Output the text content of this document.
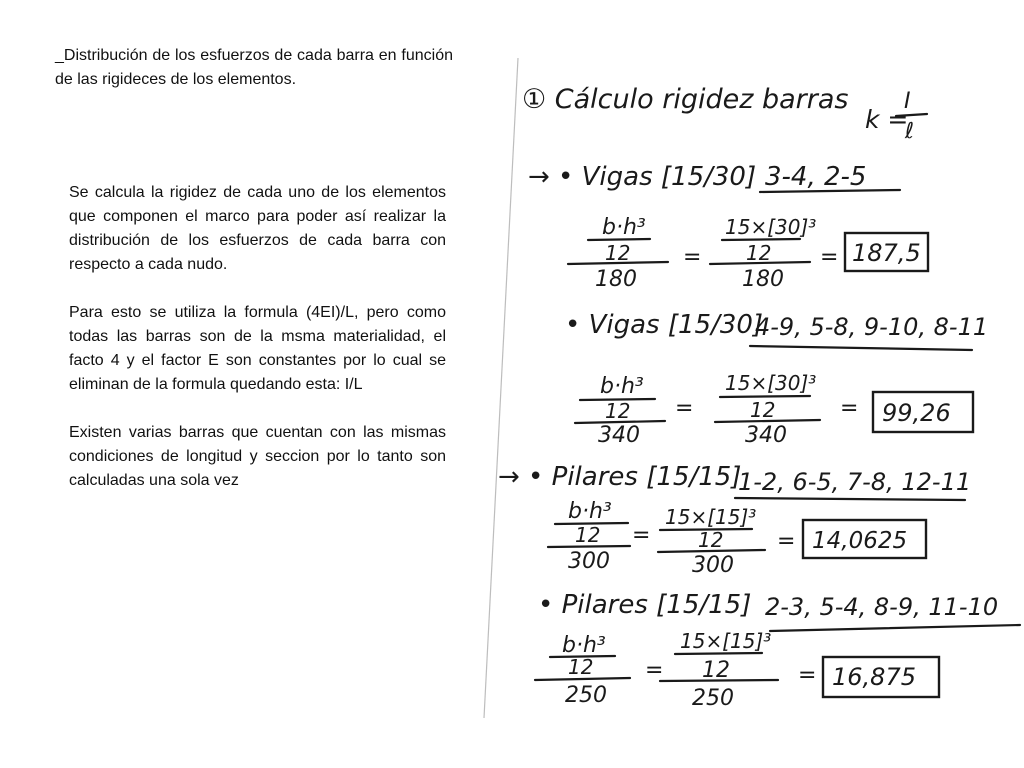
_Distribución de los esfuerzos de cada barra en función de las rigideces de los elementos.

Se calcula la rigidez de cada uno de los elementos que componen el marco para poder así realizar la distribución de los esfuerzos de cada barra con respecto a cada nudo.

Para esto se utiliza la formula (4EI)/L, pero como todas las barras son de la msma materialidad, el facto 4 y el factor E son constantes por lo cual se eliminan de la formula quedando esta: I/L

Existen varias barras que cuentan con las mismas condiciones de longitud y seccion por lo tanto son calculadas una sola vez

① Cálculo rigidez barras
k =
I
ℓ
→ • Vigas [15/30] 3-4, 2-5
b·h³
12
180
=
15×[30]³
12
180
= 187,5
• Vigas [15/30]
4-9, 5-8, 9-10, 8-11
b·h³
12
340
=
15×[30]³
12
340
= 99,26
→ • Pilares [15/15]
1-2, 6-5, 7-8, 12-11
b·h³
12
300
=
15×[15]³
12
300
= 14,0625
• Pilares [15/15] 2-3, 5-4, 8-9, 11-10
b·h³
12
250
=
15×[15]³
12
250
= 16,875
